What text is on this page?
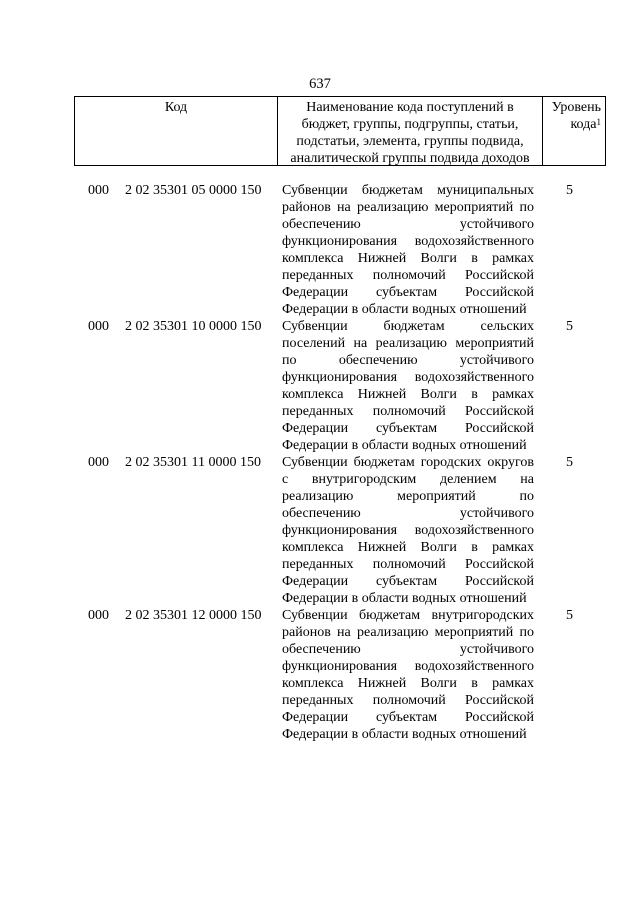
637
Код	Наименование кода поступлений в бюджет, группы, подгруппы, статьи, подстатьи, элемента, группы подвида, аналитической группы подвида доходов
Уровень кода$^1$
000 2 02 35301 05 0000 150 Субвенции бюджетам муниципальных районов на реализацию мероприятий по обеспечению устойчивого функционирования водохозяйственного комплекса Нижней Волги в рамках переданных полномочий Российской Федерации субъектам Российской Федерации в области водных отношений
5
000 2 02 35301 10 0000 150 Субвенции бюджетам сельских поселений на реализацию мероприятий по обеспечению устойчивого функционирования водохозяйственного комплекса Нижней Волги в рамках переданных полномочий Российской Федерации субъектам Российской Федерации в области водных отношений
5
000 2 02 35301 11 0000 150 Субвенции бюджетам городских округов с внутригородским делением на реализацию мероприятий по обеспечению устойчивого функционирования водохозяйственного комплекса Нижней Волги в рамках переданных полномочий Российской Федерации субъектам Российской Федерации в области водных отношений
5
000 2 02 35301 12 0000 150 Субвенции бюджетам внутригородских районов на реализацию мероприятий по обеспечению устойчивого функционирования водохозяйственного комплекса Нижней Волги в рамках переданных полномочий Российской Федерации субъектам Российской Федерации в области водных отношений
5
